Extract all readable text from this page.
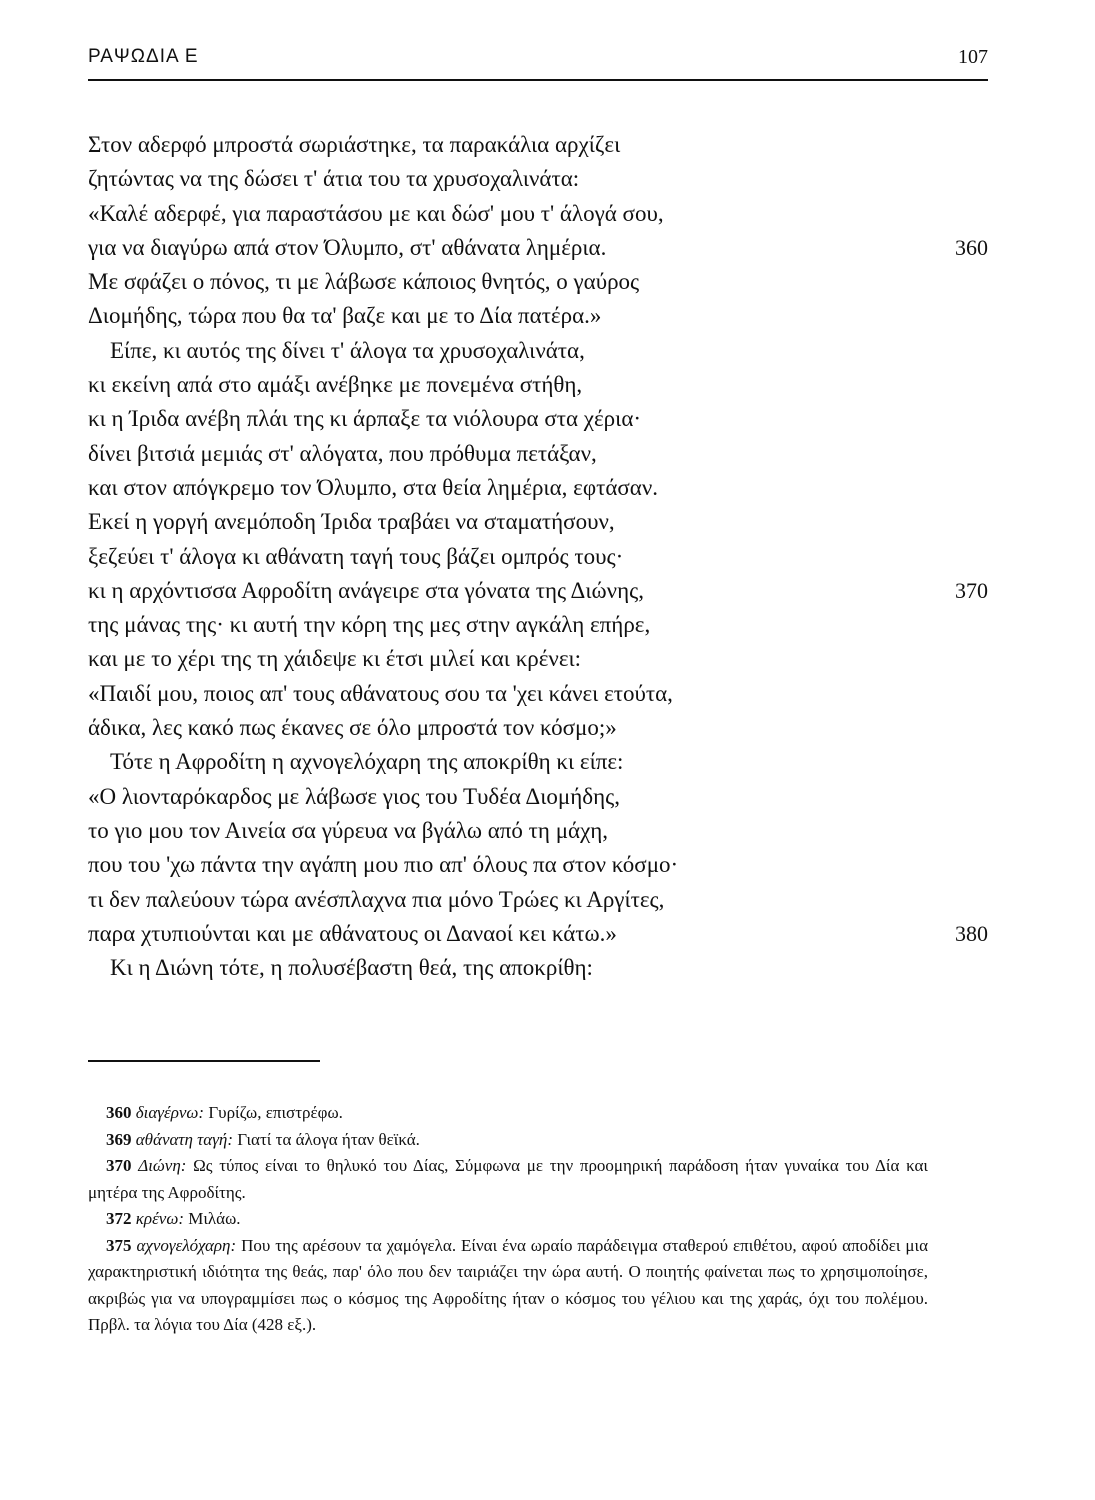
ΡΑΨΩΔΙΑ Ε	107
Στον αδερφό μπροστά σωριάστηκε, τα παρακάλια αρχίζει
ζητώντας να της δώσει τ' άτια του τα χρυσοχαλινάτα:
«Καλέ αδερφέ, για παραστάσου με και δώσ' μου τ' άλογά σου,
για να διαγύρω απά στον Όλυμπο, στ' αθάνατα λημέρια.	360
Με σφάζει ο πόνος, τι με λάβωσε κάποιος θνητός, ο γαύρος
Διομήδης, τώρα που θα τα' βαζε και με το Δία πατέρα.»
Είπε, κι αυτός της δίνει τ' άλογα τα χρυσοχαλινάτα,
κι εκείνη απά στο αμάξι ανέβηκε με πονεμένα στήθη,
κι η Ίριδα ανέβη πλάι της κι άρπαξε τα νιόλουρα στα χέρια·
δίνει βιτσιά μεμιάς στ' αλόγατα, που πρόθυμα πετάξαν,
και στον απόγκρεμο τον Όλυμπο, στα θεία λημέρια, εφτάσαν.
Εκεί η γοργή ανεμόποδη Ίριδα τραβάει να σταματήσουν,
ξεζεύει τ' άλογα κι αθάνατη ταγή τους βάζει ομπρός τους·
κι η αρχόντισσα Αφροδίτη ανάγειρε στα γόνατα της Διώνης,	370
της μάνας της· κι αυτή την κόρη της μες στην αγκάλη επήρε,
και με το χέρι της τη χάιδεψε κι έτσι μιλεί και κρένει:
«Παιδί μου, ποιος απ' τους αθάνατους σου τα 'χει κάνει ετούτα,
άδικα, λες κακό πως έκανες σε όλο μπροστά τον κόσμο;»
Τότε η Αφροδίτη η αχνογελόχαρη της αποκρίθη κι είπε:
«Ο λιονταρόκαρδος με λάβωσε γιος του Τυδέα Διομήδης,
το γιο μου τον Αινεία σα γύρευα να βγάλω από τη μάχη,
που του 'χω πάντα την αγάπη μου πιο απ' όλους πα στον κόσμο·
τι δεν παλεύουν τώρα ανέσπλαχνα πια μόνο Τρώες κι Αργίτες,
παρα χτυπιούνται και με αθάνατους οι Δαναοί κει κάτω.»	380
Κι η Διώνη τότε, η πολυσέβαστη θεά, της αποκρίθη:

360 διαγέρνω: Γυρίζω, επιστρέφω.

369 αθάνατη ταγή: Γιατί τα άλογα ήταν θεϊκά.

370 Διώνη: Ως τύπος είναι το θηλυκό του Δίας, Σύμφωνα με την προομηρική παράδοση ήταν γυναίκα του Δία και μητέρα της Αφροδίτης.

372 κρένω: Μιλάω.

375 αχνογελόχαρη: Που της αρέσουν τα χαμόγελα. Είναι ένα ωραίο παράδειγμα σταθερού επιθέτου, αφού αποδίδει μια χαρακτηριστική ιδιότητα της θεάς, παρ' όλο που δεν ταιριάζει την ώρα αυτή. Ο ποιητής φαίνεται πως το χρησιμοποίησε, ακριβώς για να υπογραμμίσει πως ο κόσμος της Αφροδίτης ήταν ο κόσμος του γέλιου και της χαράς, όχι του πολέμου. Πρβλ. τα λόγια του Δία (428 εξ.).
